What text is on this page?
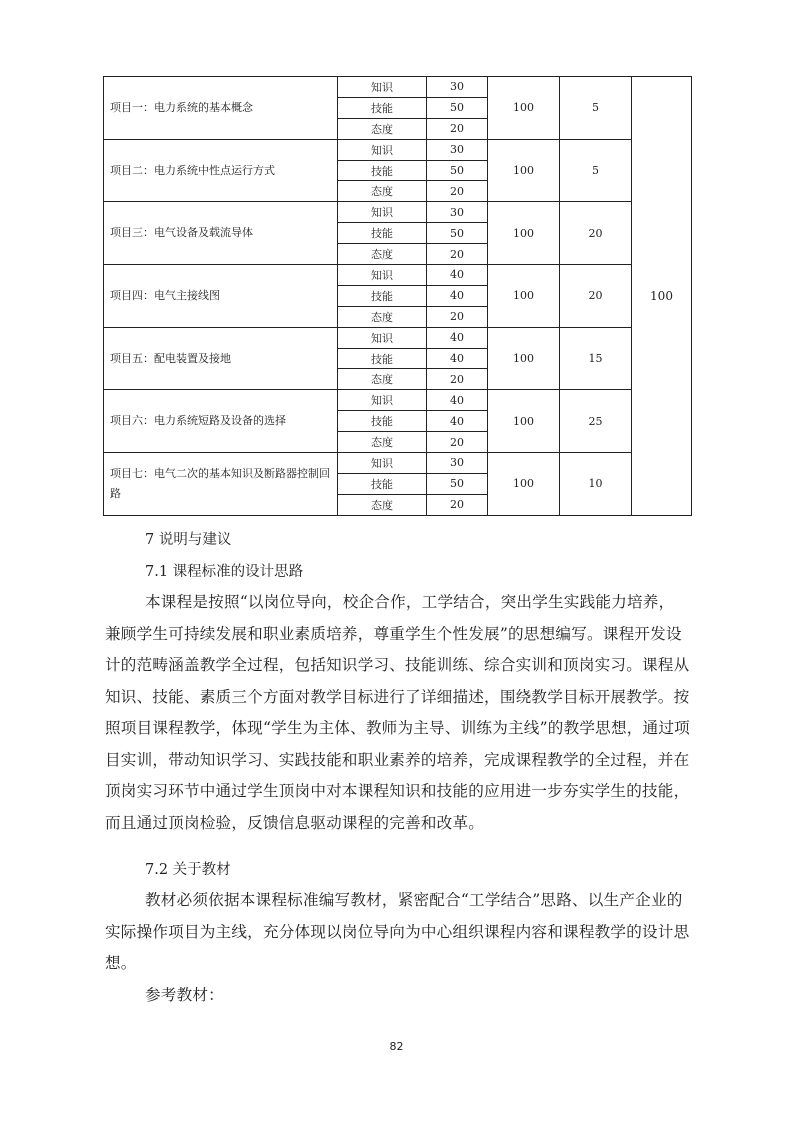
项目一：电力系统的基本概念	知识	30	100	5	100
	技能	50			
	态度	20			
项目二：电力系统中性点运行方式	知识	30	100	5	
	技能	50			
	态度	20			
项目三：电气设备及载流导体	知识	30	100	20	
	技能	50			
	态度	20			
项目四：电气主接线图	知识	40	100	20	
	技能	40			
	态度	20			
项目五：配电装置及接地	知识	40	100	15	
	技能	40			
	态度	20			
项目六：电力系统短路及设备的选择	知识	40	100	25	
	技能	40			
	态度	20			
项目七：电气二次的基本知识及断路器控制回路	知识	30	100	10	
	技能	50			
	态度	20			
7 说明与建议
7.1 课程标准的设计思路
本课程是按照“以岗位导向，校企合作，工学结合，突出学生实践能力培养，兼顾学生可持续发展和职业素质培养，尊重学生个性发展”的思想编写。课程开发设计的范畴涵盖教学全过程，包括知识学习、技能训练、综合实训和顶岗实习。课程从知识、技能、素质三个方面对教学目标进行了详细描述，围绕教学目标开展教学。按照项目课程教学，体现“学生为主体、教师为主导、训练为主线”的教学思想，通过项目实训，带动知识学习、实践技能和职业素养的培养，完成课程教学的全过程，并在顶岗实习环节中通过学生顶岗中对本课程知识和技能的应用进一步夯实学生的技能，而且通过顶岗检验，反馈信息驱动课程的完善和改革。
7.2 关于教材
教材必须依据本课程标准编写教材，紧密配合“工学结合”思路、以生产企业的实际操作项目为主线，充分体现以岗位导向为中心组织课程内容和课程教学的设计思想。
参考教材：
82
